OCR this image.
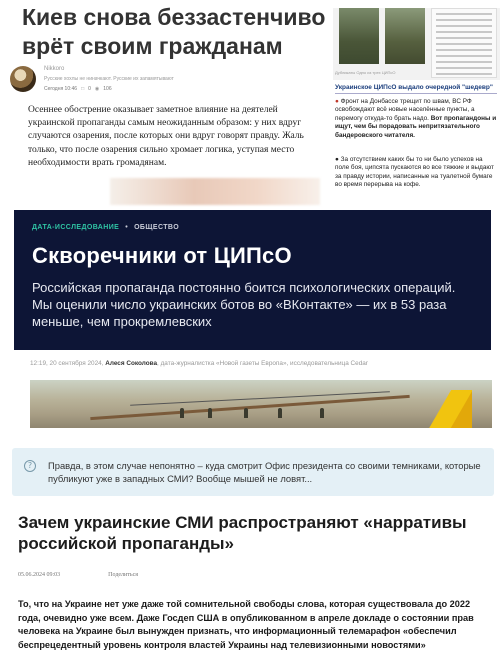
Киев снова беззастенчиво врёт своим гражданам
Nikkoro
Русские хохлы не ниначкают. Русские их запамятывают
Сегодня 10:46 □ 0 ◉ 106

Осеннее обострение оказывает заметное влияние на деятелей украинской пропаганды самым неожиданным образом: у них вдруг случаются озарения, после которых они вдруг говорят правду. Жаль только, что после озарения сильно хромает логика, уступая место необходимости врать громадянам.

Дубликаты Одно из трех ЦИПсО
Украинское ЦИПсО выдало очередной "шедевр"

● Фронт на Донбассе трещит по швам, ВС РФ освобождают всё новые населённые пункты, а перемогу откуда-то брать надо. Вот пропагандоны и ищут, чем бы порадовать непритязательного бандеровского читателя.

● За отсутствием каких бы то ни было успехов на поле боя, ципсята пускаются во все тяжкие и выдают за правду истории, написанные на туалетной бумаге во время перерыва на кофе.

ДАТА-ИССЛЕДОВАНИЕ • ОБЩЕСТВО
Скворечники от ЦИПсО

Российская пропаганда постоянно боится психологических операций. Мы оценили число украинских ботов во «ВКонтакте» — их в 53 раза меньше, чем прокремлевских

12:19, 20 сентября 2024, Алеся Соколова, дата-журналистка «Новой газеты Европа», исследовательница Cedar
?	Правда, в этом случае непонятно – куда смотрит Офис президента со своими темниками, которые публикуют уже в западных СМИ? Вообще мышей не ловят...

Зачем украинские СМИ распространяют «нарративы российской пропаганды»
05.06.2024 09:03	Поделиться

То, что на Украине нет уже даже той сомнительной свободы слова, которая существовала до 2022 года, очевидно уже всем. Даже Госдеп США в опубликованном в апреле докладе о состоянии прав человека на Украине был вынужден признать, что информационный телемарафон «обеспечил беспрецедентный уровень контроля властей Украины над телевизионными новостями»
